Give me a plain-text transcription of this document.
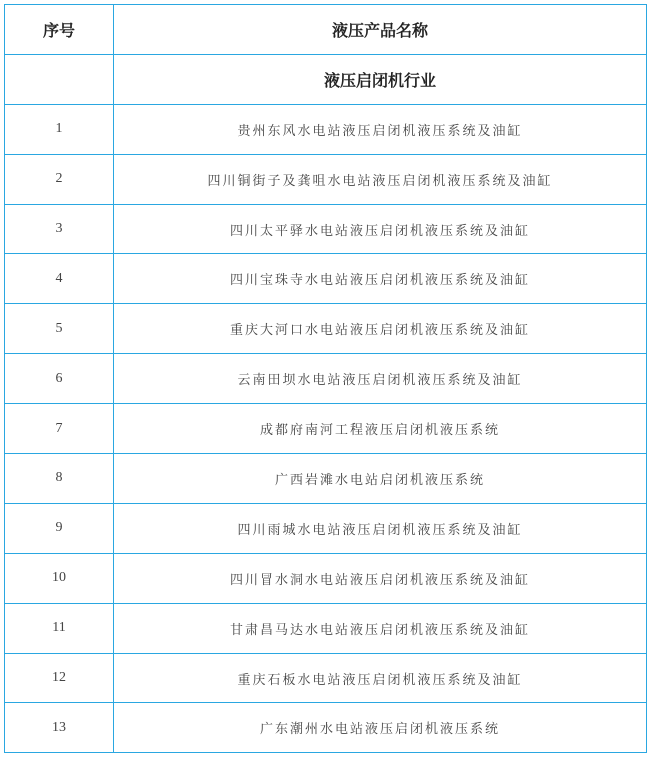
序号	液压产品名称
	液压启闭机行业
1	贵州东风水电站液压启闭机液压系统及油缸
2	四川铜街子及龚咀水电站液压启闭机液压系统及油缸
3	四川太平驿水电站液压启闭机液压系统及油缸
4	四川宝珠寺水电站液压启闭机液压系统及油缸
5	重庆大河口水电站液压启闭机液压系统及油缸
6	云南田坝水电站液压启闭机液压系统及油缸
7	成都府南河工程液压启闭机液压系统
8	广西岩滩水电站启闭机液压系统
9	四川雨城水电站液压启闭机液压系统及油缸
10	四川冒水洞水电站液压启闭机液压系统及油缸
11	甘肃昌马达水电站液压启闭机液压系统及油缸
12	重庆石板水电站液压启闭机液压系统及油缸
13	广东潮州水电站液压启闭机液压系统
